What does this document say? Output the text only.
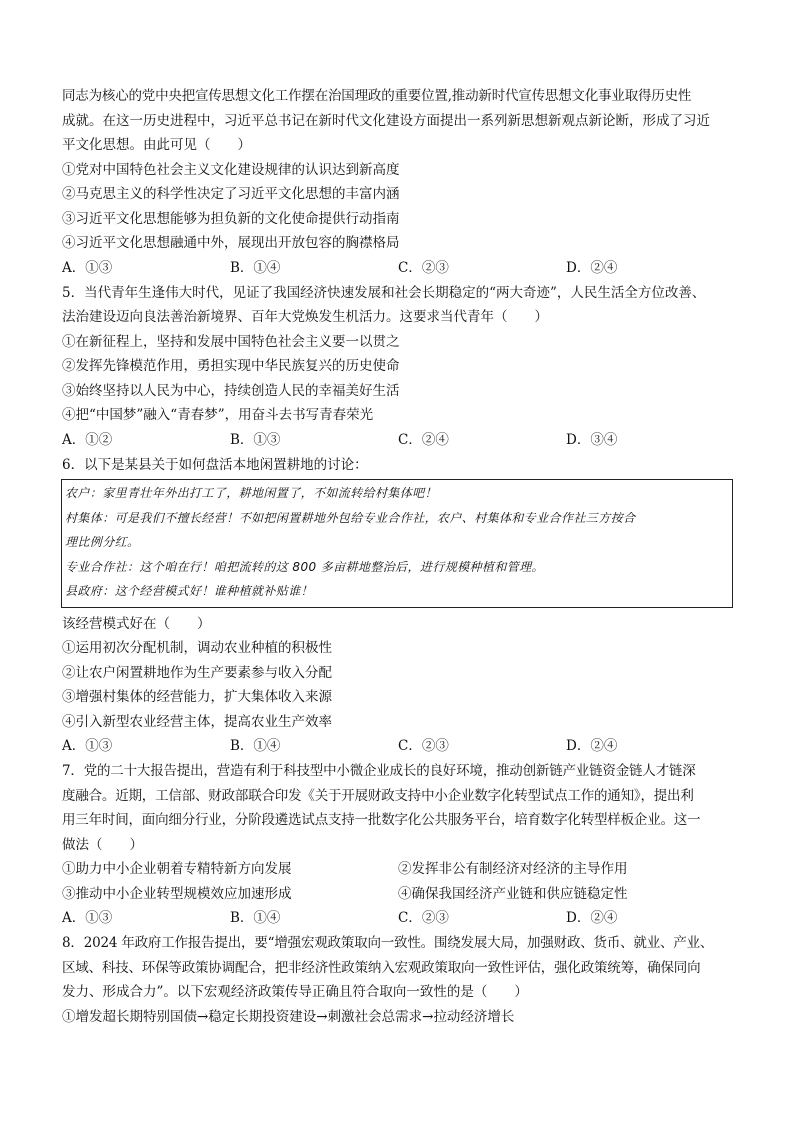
同志为核心的党中央把宣传思想文化工作摆在治国理政的重要位置,推动新时代宣传思想文化事业取得历史性
成就。在这一历史进程中，习近平总书记在新时代文化建设方面提出一系列新思想新观点新论断，形成了习近
平文化思想。由此可见（　　）
①党对中国特色社会主义文化建设规律的认识达到新高度
②马克思主义的科学性决定了习近平文化思想的丰富内涵
③习近平文化思想能够为担负新的文化使命提供行动指南
④习近平文化思想融通中外，展现出开放包容的胸襟格局
A．①③	B．①④	C．②③	D．②④
5．当代青年生逢伟大时代，见证了我国经济快速发展和社会长期稳定的“两大奇迹”，人民生活全方位改善、
法治建设迈向良法善治新境界、百年大党焕发生机活力。这要求当代青年（　　）
①在新征程上，坚持和发展中国特色社会主义要一以贯之
②发挥先锋模范作用，勇担实现中华民族复兴的历史使命
③始终坚持以人民为中心，持续创造人民的幸福美好生活
④把“中国梦”融入“青春梦”，用奋斗去书写青春荣光
A．①②	B．①③	C．②④	D．③④
6．以下是某县关于如何盘活本地闲置耕地的讨论：
农户：家里青壮年外出打工了，耕地闲置了，不如流转给村集体吧！
村集体：可是我们不擅长经营！不如把闲置耕地外包给专业合作社，农户、村集体和专业合作社三方按合
理比例分红。
专业合作社：这个咱在行！咱把流转的这 800 多亩耕地整治后，进行规模种植和管理。
县政府：这个经营模式好！谁种植就补贴谁！
该经营模式好在（　　）
①运用初次分配机制，调动农业种植的积极性
②让农户闲置耕地作为生产要素参与收入分配
③增强村集体的经营能力，扩大集体收入来源
④引入新型农业经营主体，提高农业生产效率
A．①③	B．①④	C．②③	D．②④
7．党的二十大报告提出，营造有利于科技型中小微企业成长的良好环境，推动创新链产业链资金链人才链深
度融合。近期，工信部、财政部联合印发《关于开展财政支持中小企业数字化转型试点工作的通知》，提出利
用三年时间，面向细分行业，分阶段遴选试点支持一批数字化公共服务平台，培育数字化转型样板企业。这一
做法（　　）
①助力中小企业朝着专精特新方向发展	②发挥非公有制经济对经济的主导作用
③推动中小企业转型规模效应加速形成	④确保我国经济产业链和供应链稳定性
A．①③	B．①④	C．②③	D．②④
8．2024 年政府工作报告提出，要“增强宏观政策取向一致性。围绕发展大局，加强财政、货币、就业、产业、
区域、科技、环保等政策协调配合，把非经济性政策纳入宏观政策取向一致性评估，强化政策统筹，确保同向
发力、形成合力”。以下宏观经济政策传导正确且符合取向一致性的是（　　）
①增发超长期特别国债→稳定长期投资建设→刺激社会总需求→拉动经济增长
